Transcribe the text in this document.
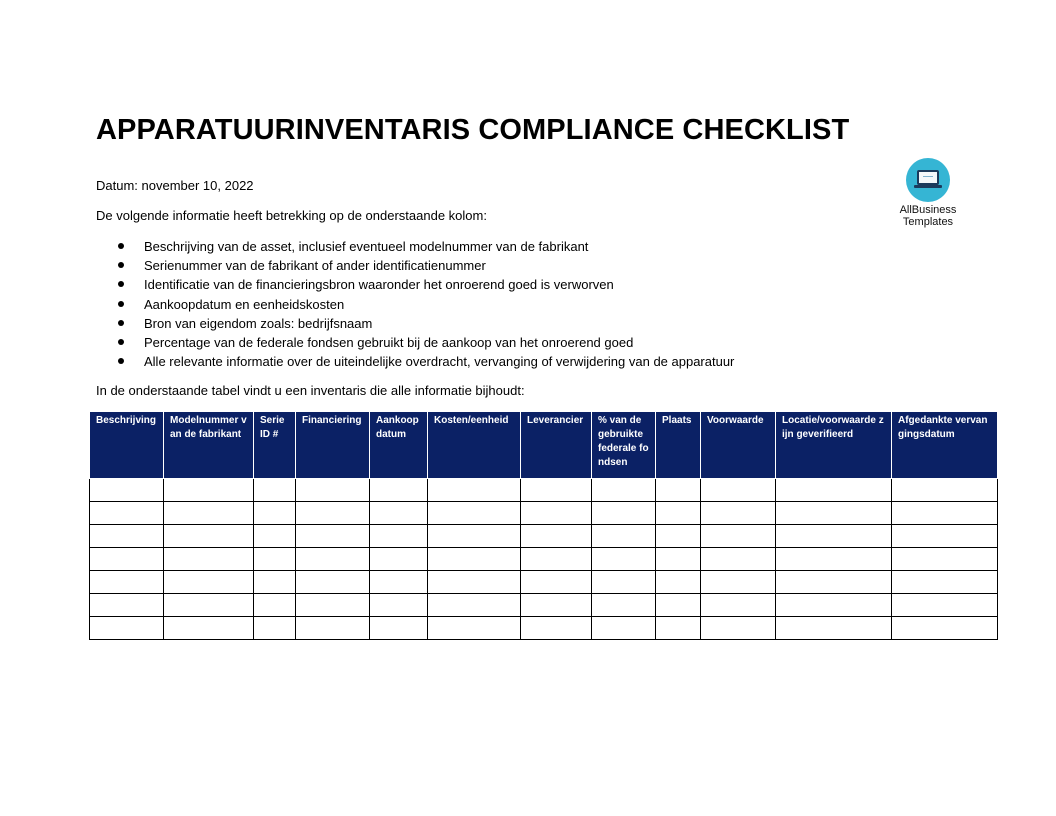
APPARATUURINVENTARIS COMPLIANCE CHECKLIST
Datum: november 10, 2022
De volgende informatie heeft betrekking op de onderstaande kolom:
Beschrijving van de asset, inclusief eventueel modelnummer van de fabrikant
Serienummer van de fabrikant of ander identificatienummer
Identificatie van de financieringsbron waaronder het onroerend goed is verworven
Aankoopdatum en eenheidskosten
Bron van eigendom zoals: bedrijfsnaam
Percentage van de federale fondsen gebruikt bij de aankoop van het onroerend goed
Alle relevante informatie over de uiteindelijke overdracht, vervanging of verwijdering van de apparatuur
In de onderstaande tabel vindt u een inventaris die alle informatie bijhoudt:
AllBusiness
Templates
Beschrijving	Modelnummer van de fabrikant	Serie ID #	Financiering	Aankoop datum	Kosten/eenheid	Leverancier	% van de gebruikte federale fondsen	Plaats	Voorwaarde	Locatie/voorwaarde zijn geverifieerd	Afgedankte vervangingsdatum
